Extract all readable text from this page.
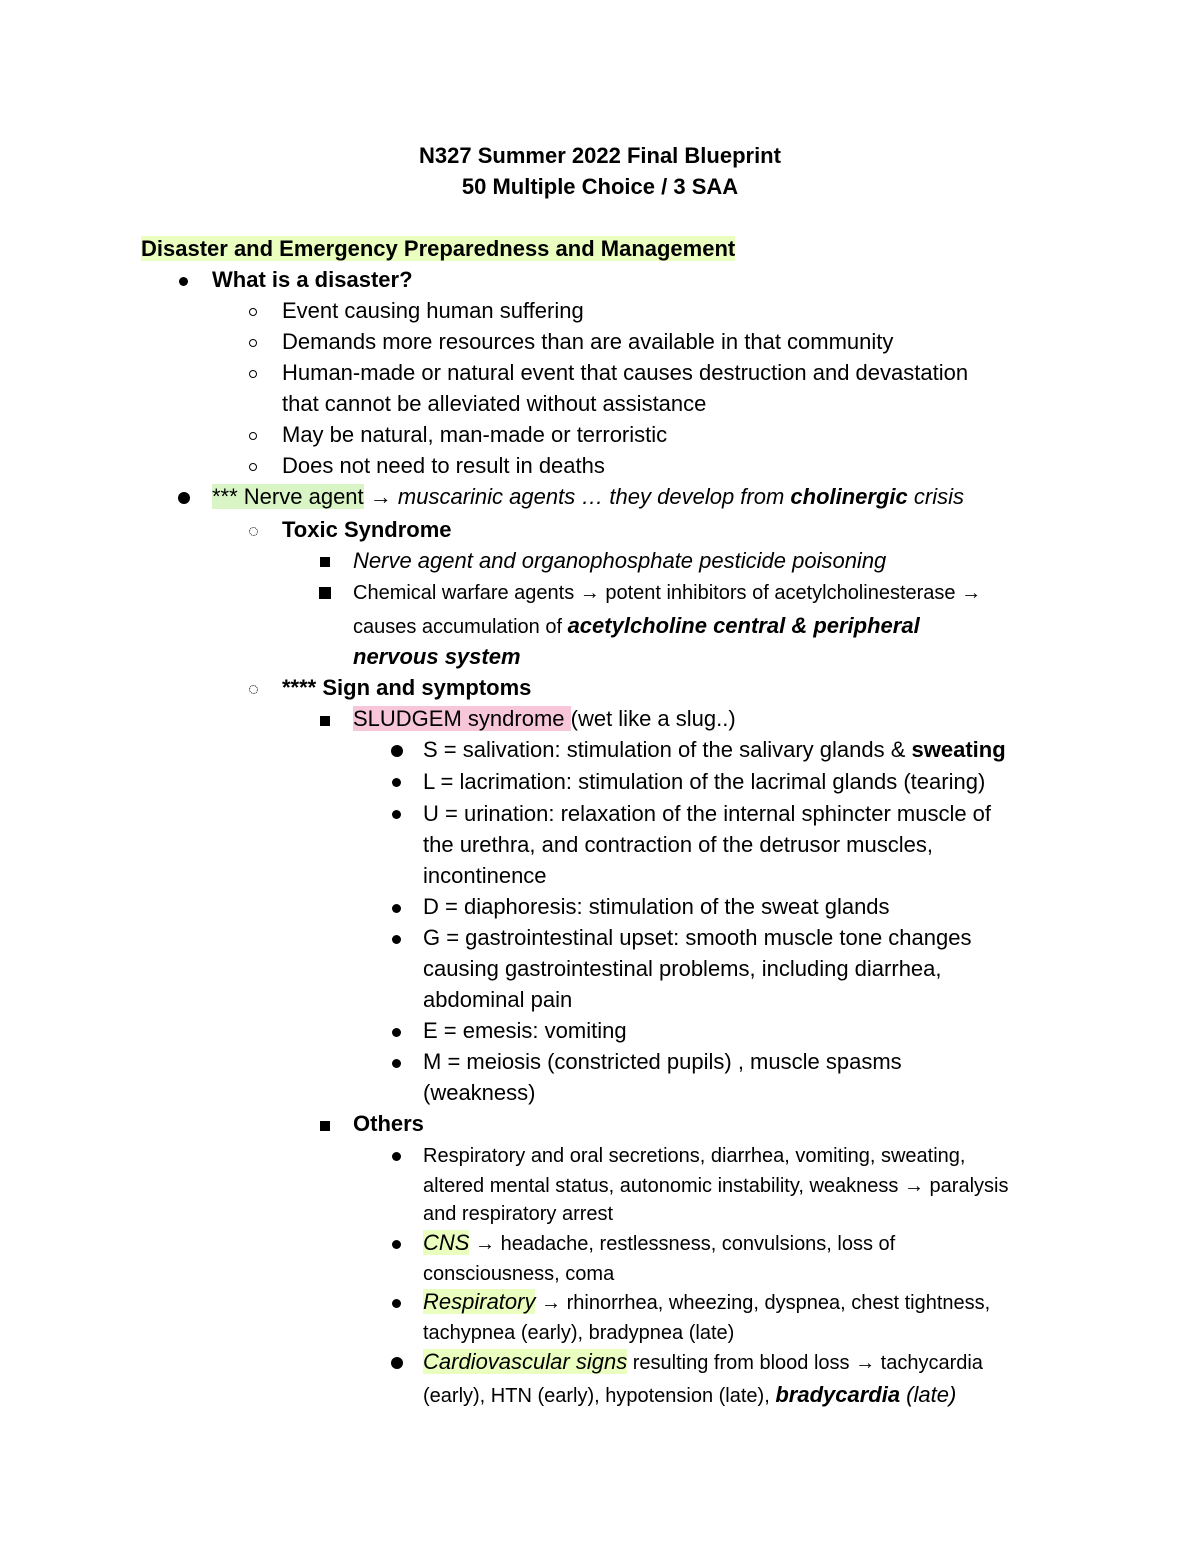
N327 Summer 2022 Final Blueprint
50 Multiple Choice / 3 SAA
Disaster and Emergency Preparedness and Management
What is a disaster?
Event causing human suffering
Demands more resources than are available in that community
Human-made or natural event that causes destruction and devastation
that cannot be alleviated without assistance
May be natural, man-made or terroristic
Does not need to result in deaths
*** Nerve agent → muscarinic agents … they develop from cholinergic crisis
Toxic Syndrome
Nerve agent and organophosphate pesticide poisoning
Chemical warfare agents → potent inhibitors of acetylcholinesterase →
causes accumulation of acetylcholine central & peripheral
nervous system
**** Sign and symptoms
SLUDGEM syndrome (wet like a slug..)
S = salivation: stimulation of the salivary glands & sweating
L = lacrimation: stimulation of the lacrimal glands (tearing)
U = urination: relaxation of the internal sphincter muscle of
the urethra, and contraction of the detrusor muscles,
incontinence
D = diaphoresis: stimulation of the sweat glands
G = gastrointestinal upset: smooth muscle tone changes
causing gastrointestinal problems, including diarrhea,
abdominal pain
E = emesis: vomiting
M = meiosis (constricted pupils) , muscle spasms
(weakness)
Others
Respiratory and oral secretions, diarrhea, vomiting, sweating,
altered mental status, autonomic instability, weakness → paralysis
and respiratory arrest
CNS → headache, restlessness, convulsions, loss of
consciousness, coma
Respiratory → rhinorrhea, wheezing, dyspnea, chest tightness,
tachypnea (early), bradypnea (late)
Cardiovascular signs resulting from blood loss → tachycardia
(early), HTN (early), hypotension (late), bradycardia (late)
